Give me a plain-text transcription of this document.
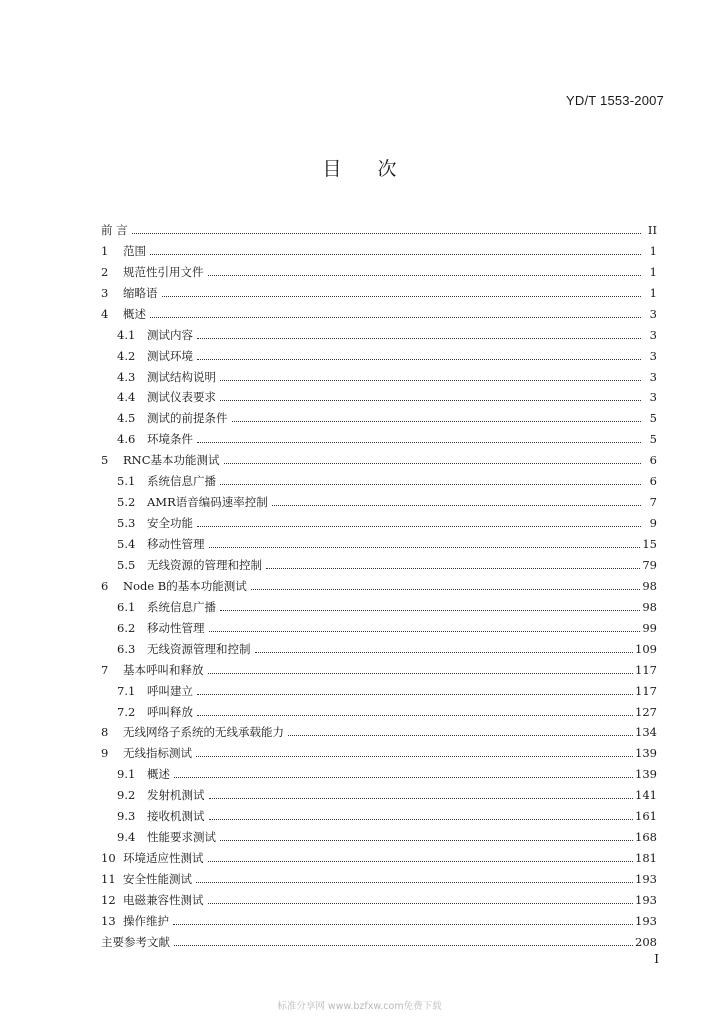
YD/T 1553-2007
目 次
前 言	II
1	范围	1
2	规范性引用文件	1
3	缩略语	1
4	概述	3
4.1	测试内容	3
4.2	测试环境	3
4.3	测试结构说明	3
4.4	测试仪表要求	3
4.5	测试的前提条件	5
4.6	环境条件	5
5	RNC基本功能测试	6
5.1	系统信息广播	6
5.2	AMR语音编码速率控制	7
5.3	安全功能	9
5.4	移动性管理	15
5.5	无线资源的管理和控制	79
6	Node B的基本功能测试	98
6.1	系统信息广播	98
6.2	移动性管理	99
6.3	无线资源管理和控制	109
7	基本呼叫和释放	117
7.1	呼叫建立	117
7.2	呼叫释放	127
8	无线网络子系统的无线承载能力	134
9	无线指标测试	139
9.1	概述	139
9.2	发射机测试	141
9.3	接收机测试	161
9.4	性能要求测试	168
10 环境适应性测试	181
11 安全性能测试	193
12 电磁兼容性测试	193
13 操作维护	193
主要参考文献	208
I
标准分享网 www.bzfxw.com免费下载
